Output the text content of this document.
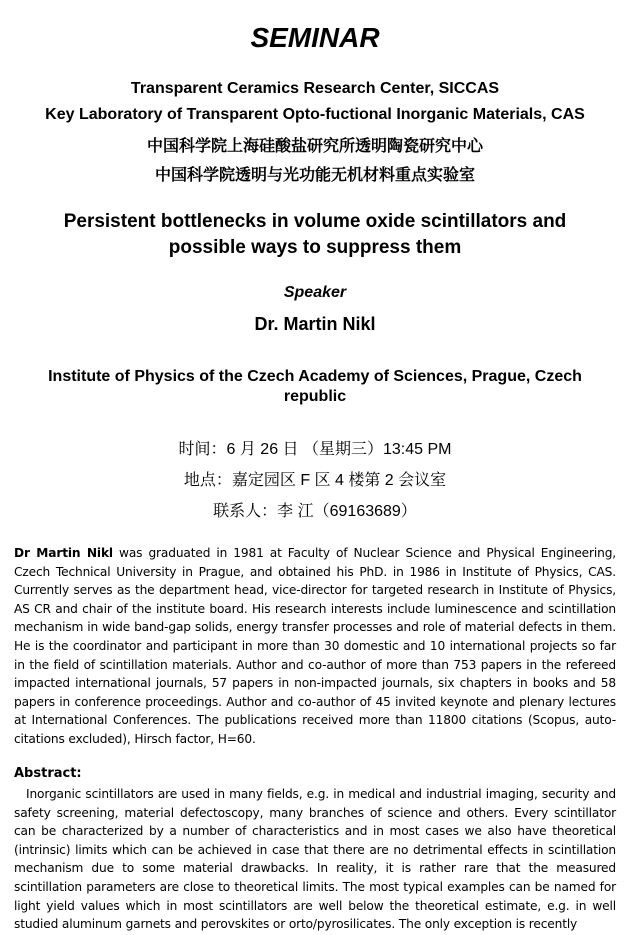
SEMINAR
Transparent Ceramics Research Center, SICCAS
Key Laboratory of Transparent Opto-fuctional Inorganic Materials, CAS
中国科学院上海硅酸盐研究所透明陶瓷研究中心
中国科学院透明与光功能无机材料重点实验室
Persistent bottlenecks in volume oxide scintillators and possible ways to suppress them
Speaker
Dr. Martin Nikl
Institute of Physics of the Czech Academy of Sciences, Prague, Czech republic
时间：6 月 26 日 （星期三）13:45 PM
地点：嘉定园区 F 区 4 楼第 2 会议室
联系人：李 江（69163689）
Dr Martin Nikl was graduated in 1981 at Faculty of Nuclear Science and Physical Engineering, Czech Technical University in Prague, and obtained his PhD. in 1986 in Institute of Physics, CAS. Currently serves as the department head, vice-director for targeted research in Institute of Physics, AS CR and chair of the institute board. His research interests include luminescence and scintillation mechanism in wide band-gap solids, energy transfer processes and role of material defects in them. He is the coordinator and participant in more than 30 domestic and 10 international projects so far in the field of scintillation materials. Author and co-author of more than 753 papers in the refereed impacted international journals, 57 papers in non-impacted journals, six chapters in books and 58 papers in conference proceedings. Author and co-author of 45 invited keynote and plenary lectures at International Conferences. The publications received more than 11800 citations (Scopus, auto-citations excluded), Hirsch factor, H=60.
Abstract:
Inorganic scintillators are used in many fields, e.g. in medical and industrial imaging, security and safety screening, material defectoscopy, many branches of science and others. Every scintillator can be characterized by a number of characteristics and in most cases we also have theoretical (intrinsic) limits which can be achieved in case that there are no detrimental effects in scintillation mechanism due to some material drawbacks. In reality, it is rather rare that the measured scintillation parameters are close to theoretical limits. The most typical examples can be named for light yield values which in most scintillators are well below the theoretical estimate, e.g. in well studied aluminum garnets and perovskites or orto/pyrosilicates. The only exception is recently
